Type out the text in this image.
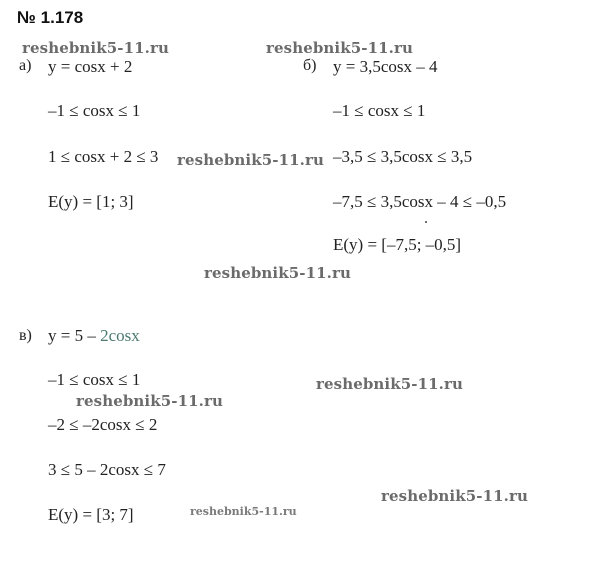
№ 1.178
reshebnik5-11.ru	reshebnik5-11.ru
а) y = cosx + 2
–1 ≤ cosx ≤ 1
1 ≤ cosx + 2 ≤ 3 reshebnik5-11.ru
E(y) = [1; 3]
б) y = 3,5cosx – 4
–1 ≤ cosx ≤ 1
–3,5 ≤ 3,5cosx ≤ 3,5
–7,5 ≤ 3,5cosx – 4 ≤ –0,5
E(y) = [–7,5; –0,5]
reshebnik5-11.ru
в) y = 5 – 2cosx
–1 ≤ cosx ≤ 1	reshebnik5-11.ru
reshebnik5-11.ru
–2 ≤ –2cosx ≤ 2
3 ≤ 5 – 2cosx ≤ 7
reshebnik5-11.ru
E(y) = [3; 7]	reshebnik5-11.ru
